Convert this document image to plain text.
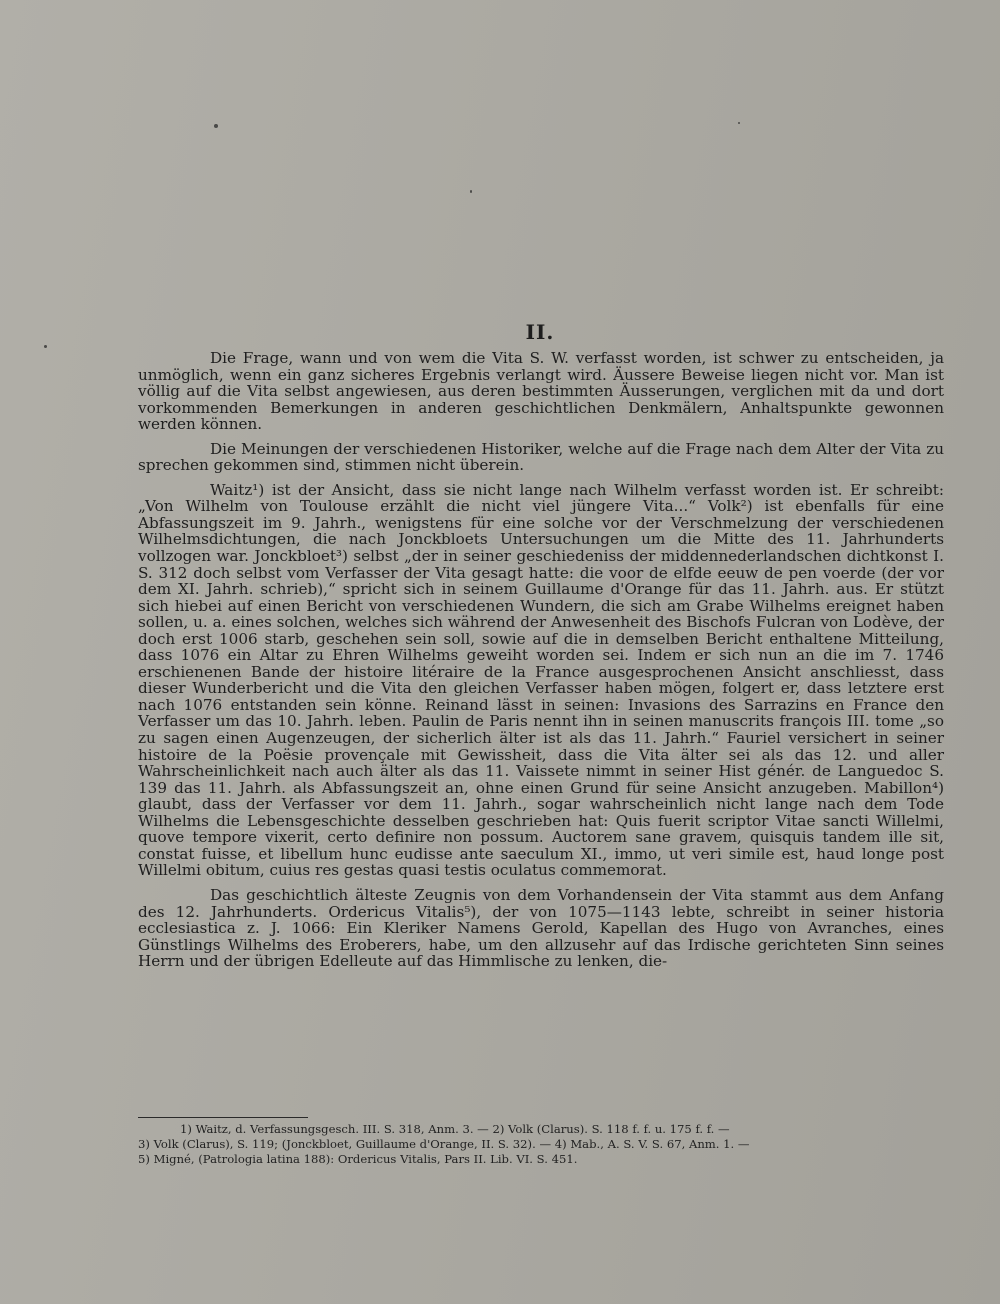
II.

Die Frage, wann und von wem die Vita S. W. verfasst worden, ist schwer zu entscheiden, ja unmöglich, wenn ein ganz sicheres Ergebnis verlangt wird. Äussere Beweise liegen nicht vor. Man ist völlig auf die Vita selbst angewiesen, aus deren bestimmten Äusserungen, verglichen mit da und dort vorkommenden Bemerkungen in anderen geschichtlichen Denkmälern, Anhaltspunkte gewonnen werden können.

Die Meinungen der verschiedenen Historiker, welche auf die Frage nach dem Alter der Vita zu sprechen gekommen sind, stimmen nicht überein.

Waitz¹) ist der Ansicht, dass sie nicht lange nach Wilhelm verfasst worden ist. Er schreibt: „Von Wilhelm von Toulouse erzählt die nicht viel jüngere Vita...“ Volk²) ist ebenfalls für eine Abfassungszeit im 9. Jahrh., wenigstens für eine solche vor der Verschmelzung der verschiedenen Wilhelmsdichtungen, die nach Jonckbloets Untersuchungen um die Mitte des 11. Jahrhunderts vollzogen war. Jonckbloet³) selbst „der in seiner geschiedeniss der middennederlandschen dichtkonst I. S. 312 doch selbst vom Verfasser der Vita gesagt hatte: die voor de elfde eeuw de pen voerde (der vor dem XI. Jahrh. schrieb),“ spricht sich in seinem Guillaume d'Orange für das 11. Jahrh. aus. Er stützt sich hiebei auf einen Bericht von verschiedenen Wundern, die sich am Grabe Wilhelms ereignet haben sollen, u. a. eines solchen, welches sich während der Anwesenheit des Bischofs Fulcran von Lodève, der doch erst 1006 starb, geschehen sein soll, sowie auf die in demselben Bericht enthaltene Mitteilung, dass 1076 ein Altar zu Ehren Wilhelms geweiht worden sei. Indem er sich nun an die im 7. 1746 erschienenen Bande der histoire litéraire de la France ausgesprochenen Ansicht anschliesst, dass dieser Wunderbericht und die Vita den gleichen Verfasser haben mögen, folgert er, dass letztere erst nach 1076 entstanden sein könne. Reinand lässt in seinen: Invasions des Sarrazins en France den Verfasser um das 10. Jahrh. leben. Paulin de Paris nennt ihn in seinen manuscrits françois III. tome „so zu sagen einen Augenzeugen, der sicherlich älter ist als das 11. Jahrh.“ Fauriel versichert in seiner histoire de la Poësie provençale mit Gewissheit, dass die Vita älter sei als das 12. und aller Wahrscheinlichkeit nach auch älter als das 11. Vaissete nimmt in seiner Hist génér. de Languedoc S. 139 das 11. Jahrh. als Abfassungszeit an, ohne einen Grund für seine Ansicht anzugeben. Mabillon⁴) glaubt, dass der Verfasser vor dem 11. Jahrh., sogar wahrscheinlich nicht lange nach dem Tode Wilhelms die Lebensgeschichte desselben geschrieben hat: Quis fuerit scriptor Vitae sancti Willelmi, quove tempore vixerit, certo definire non possum. Auctorem sane gravem, quisquis tandem ille sit, constat fuisse, et libellum hunc eudisse ante saeculum XI., immo, ut veri simile est, haud longe post Willelmi obitum, cuius res gestas quasi testis oculatus commemorat.

Das geschichtlich älteste Zeugnis von dem Vorhandensein der Vita stammt aus dem Anfang des 12. Jahrhunderts. Ordericus Vitalis⁵), der von 1075—1143 lebte, schreibt in seiner historia ecclesiastica z. J. 1066: Ein Kleriker Namens Gerold, Kapellan des Hugo von Avranches, eines Günstlings Wilhelms des Eroberers, habe, um den allzusehr auf das Irdische gerichteten Sinn seines Herrn und der übrigen Edelleute auf das Himmlische zu lenken, die-

1) Waitz, d. Verfassungsgesch. III. S. 318, Anm. 3. — 2) Volk (Clarus). S. 118 f. f. u. 175 f. f. —
3) Volk (Clarus), S. 119; (Jonckbloet, Guillaume d'Orange, II. S. 32). — 4) Mab., A. S. V. S. 67, Anm. 1. —
5) Migné, (Patrologia latina 188): Ordericus Vitalis, Pars II. Lib. VI. S. 451.
